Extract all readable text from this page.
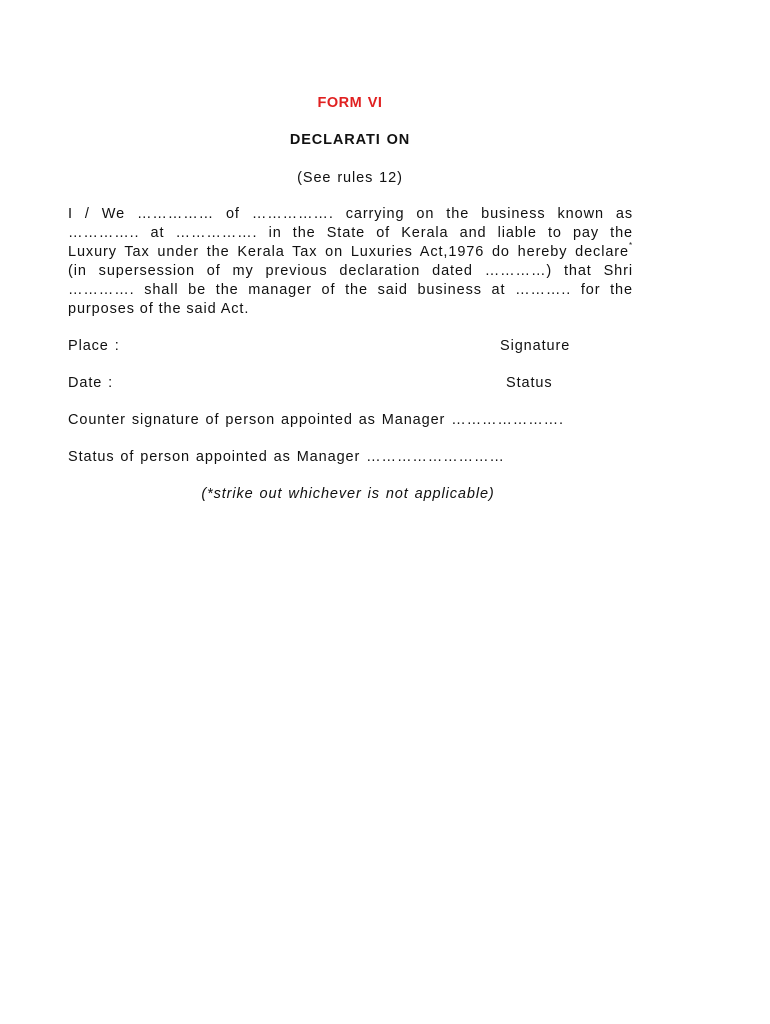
FORM VI
DECLARATI ON
(See rules 12)
I / We …………… of ……………. carrying on the business known as
………….. at ……………. in the State of Kerala and liable to pay the
Luxury Tax under the Kerala Tax on Luxuries Act,1976 do hereby declare*
(in supersession of my previous declaration dated …………) that Shri
…………. shall be the manager of the said business at ……….. for the
purposes of the said Act.
Place :	Signature
Date :	Status
Counter signature of person appointed as Manager ………………….
Status of person appointed as Manager ………………………
(*strike out whichever is not applicable)
